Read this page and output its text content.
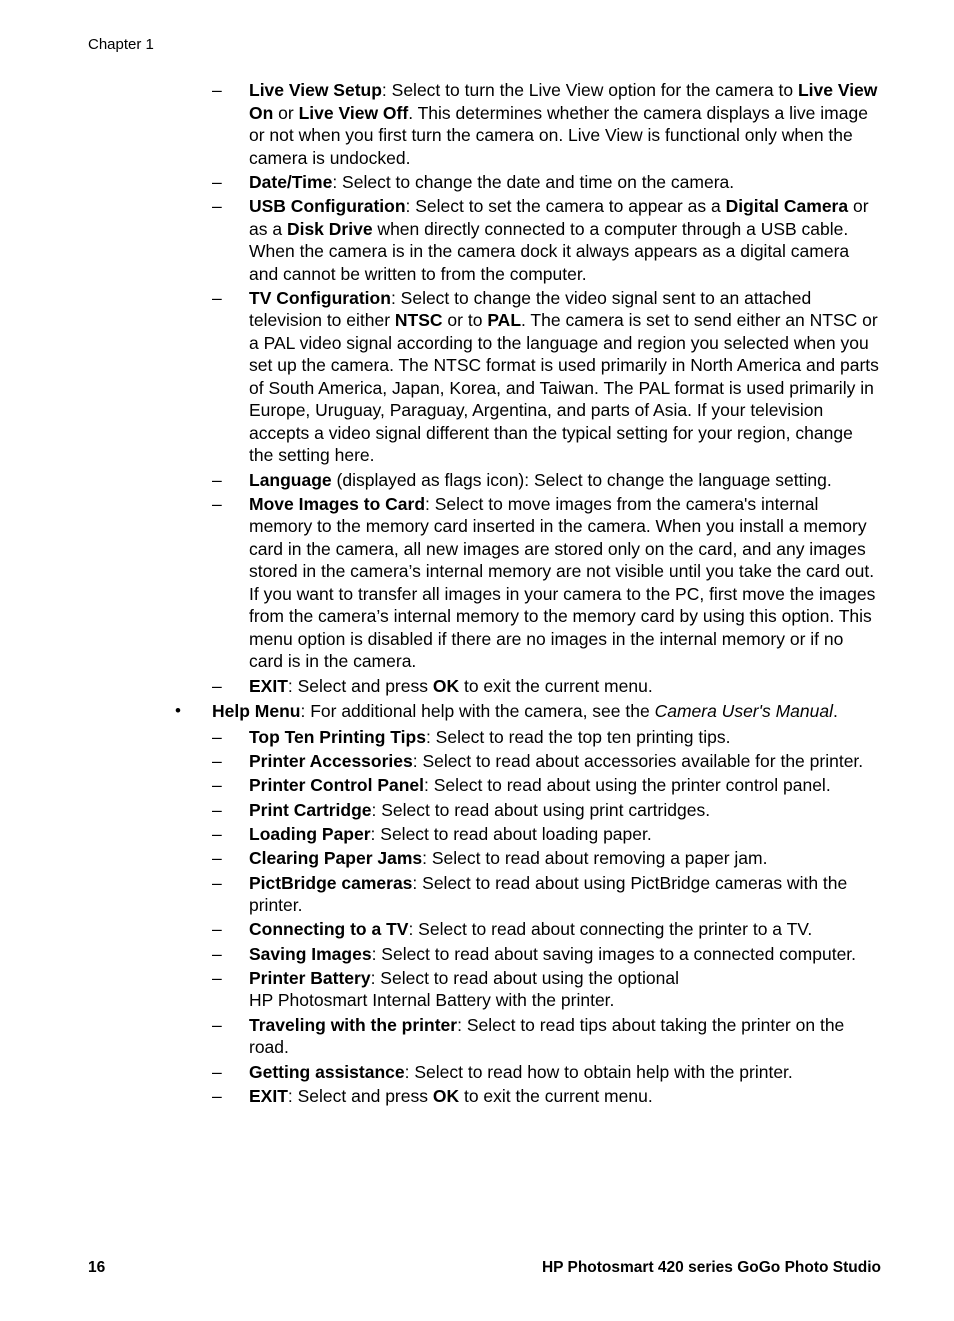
Chapter 1
– Live View Setup: Select to turn the Live View option for the camera to Live View On or Live View Off. This determines whether the camera displays a live image or not when you first turn the camera on. Live View is functional only when the camera is undocked.
– Date/Time: Select to change the date and time on the camera.
– USB Configuration: Select to set the camera to appear as a Digital Camera or as a Disk Drive when directly connected to a computer through a USB cable. When the camera is in the camera dock it always appears as a digital camera and cannot be written to from the computer.
– TV Configuration: Select to change the video signal sent to an attached television to either NTSC or to PAL. The camera is set to send either an NTSC or a PAL video signal according to the language and region you selected when you set up the camera. The NTSC format is used primarily in North America and parts of South America, Japan, Korea, and Taiwan. The PAL format is used primarily in Europe, Uruguay, Paraguay, Argentina, and parts of Asia. If your television accepts a video signal different than the typical setting for your region, change the setting here.
– Language (displayed as flags icon): Select to change the language setting.
– Move Images to Card: Select to move images from the camera's internal memory to the memory card inserted in the camera. When you install a memory card in the camera, all new images are stored only on the card, and any images stored in the camera’s internal memory are not visible until you take the card out. If you want to transfer all images in your camera to the PC, first move the images from the camera’s internal memory to the memory card by using this option. This menu option is disabled if there are no images in the internal memory or if no card is in the camera.
– EXIT: Select and press OK to exit the current menu.
• Help Menu: For additional help with the camera, see the Camera User's Manual.
– Top Ten Printing Tips: Select to read the top ten printing tips.
– Printer Accessories: Select to read about accessories available for the printer.
– Printer Control Panel: Select to read about using the printer control panel.
– Print Cartridge: Select to read about using print cartridges.
– Loading Paper: Select to read about loading paper.
– Clearing Paper Jams: Select to read about removing a paper jam.
– PictBridge cameras: Select to read about using PictBridge cameras with the printer.
– Connecting to a TV: Select to read about connecting the printer to a TV.
– Saving Images: Select to read about saving images to a connected computer.
– Printer Battery: Select to read about using the optional
HP Photosmart Internal Battery with the printer.
– Traveling with the printer: Select to read tips about taking the printer on the road.
– Getting assistance: Select to read how to obtain help with the printer.
– EXIT: Select and press OK to exit the current menu.
16	HP Photosmart 420 series GoGo Photo Studio
